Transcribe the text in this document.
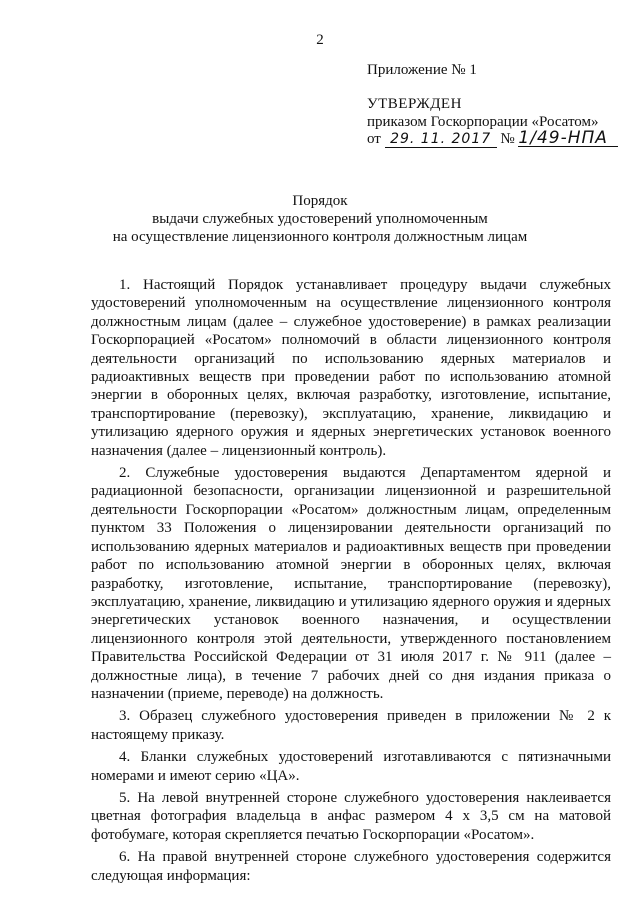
2
Приложение № 1
УТВЕРЖДЕН
приказом Госкорпорации «Росатом»
от 29. 11. 2017 № 1/49-НПА
Порядок
выдачи служебных удостоверений уполномоченным
на осуществление лицензионного контроля должностным лицам

1. Настоящий Порядок устанавливает процедуру выдачи служебных удостоверений уполномоченным на осуществление лицензионного контроля должностным лицам (далее – служебное удостоверение) в рамках реализации Госкорпорацией «Росатом» полномочий в области лицензионного контроля деятельности организаций по использованию ядерных материалов и радиоактивных веществ при проведении работ по использованию атомной энергии в оборонных целях, включая разработку, изготовление, испытание, транспортирование (перевозку), эксплуатацию, хранение, ликвидацию и утилизацию ядерного оружия и ядерных энергетических установок военного назначения (далее – лицензионный контроль).

2. Служебные удостоверения выдаются Департаментом ядерной и радиационной безопасности, организации лицензионной и разрешительной деятельности Госкорпорации «Росатом» должностным лицам, определенным пунктом 33 Положения о лицензировании деятельности организаций по использованию ядерных материалов и радиоактивных веществ при проведении работ по использованию атомной энергии в оборонных целях, включая разработку, изготовление, испытание, транспортирование (перевозку), эксплуатацию, хранение, ликвидацию и утилизацию ядерного оружия и ядерных энергетических установок военного назначения, и осуществлении лицензионного контроля этой деятельности, утвержденного постановлением Правительства Российской Федерации от 31 июля 2017 г. № 911 (далее – должностные лица), в течение 7 рабочих дней со дня издания приказа о назначении (приеме, переводе) на должность.

3. Образец служебного удостоверения приведен в приложении № 2 к настоящему приказу.

4. Бланки служебных удостоверений изготавливаются с пятизначными номерами и имеют серию «ЦА».

5. На левой внутренней стороне служебного удостоверения наклеивается цветная фотография владельца в анфас размером 4 х 3,5 см на матовой фотобумаге, которая скрепляется печатью Госкорпорации «Росатом».

6. На правой внутренней стороне служебного удостоверения содержится следующая информация:
